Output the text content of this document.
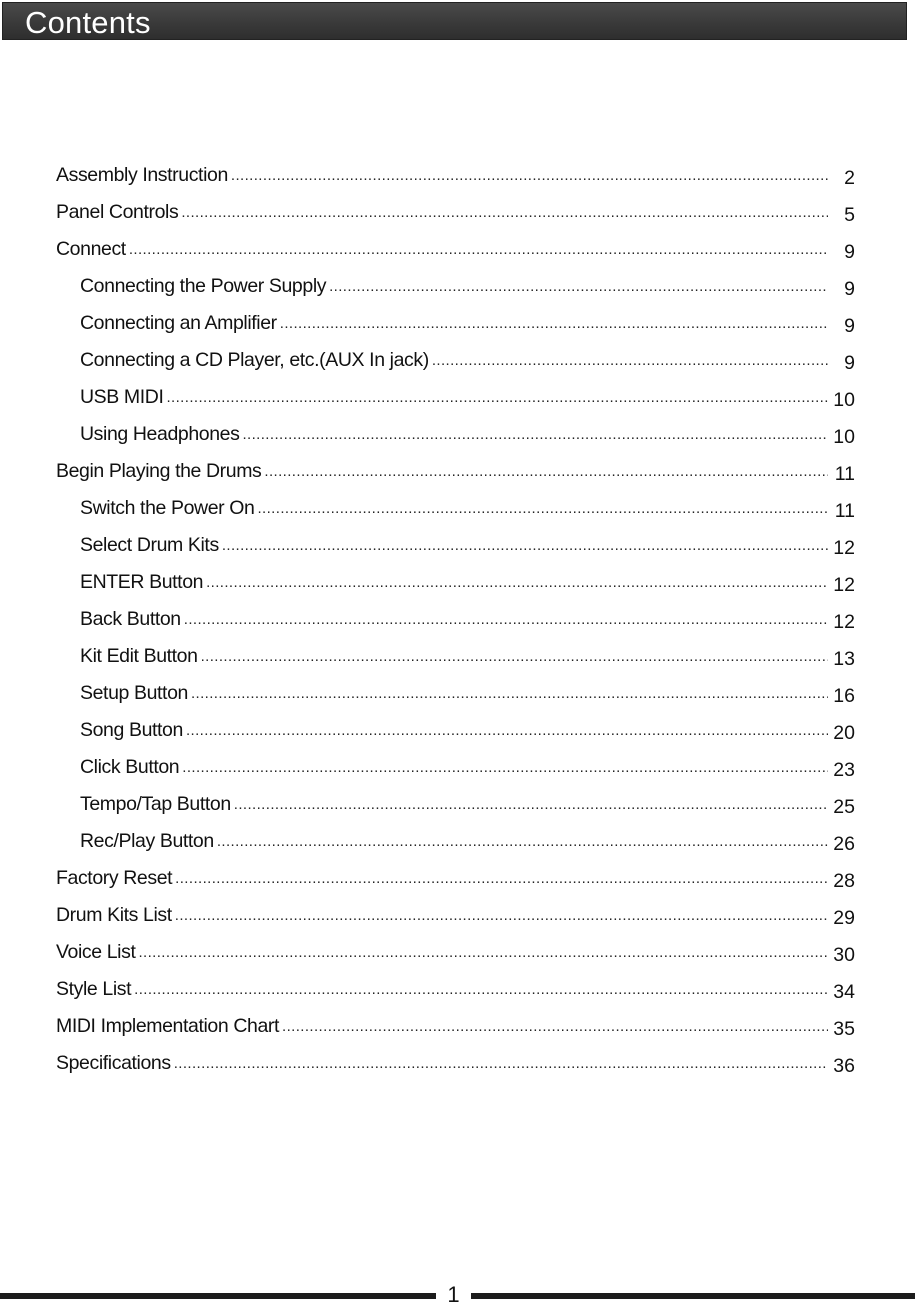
Contents
Assembly Instruction .....	2
Panel Controls .....	5
Connect .....	9
Connecting the Power Supply .....	9
Connecting an Amplifier .....	9
Connecting a CD Player, etc.(AUX In jack) .....	9
USB MIDI .....	10
Using Headphones .....	10
Begin Playing the Drums .....	11
Switch the Power On .....	11
Select Drum Kits .....	12
ENTER Button .....	12
Back Button .....	12
Kit Edit Button .....	13
Setup Button .....	16
Song Button .....	20
Click Button .....	23
Tempo/Tap Button .....	25
Rec/Play Button .....	26
Factory Reset .....	28
Drum Kits List .....	29
Voice List .....	30
Style List .....	34
MIDI Implementation Chart .....	35
Specifications .....	36
1
